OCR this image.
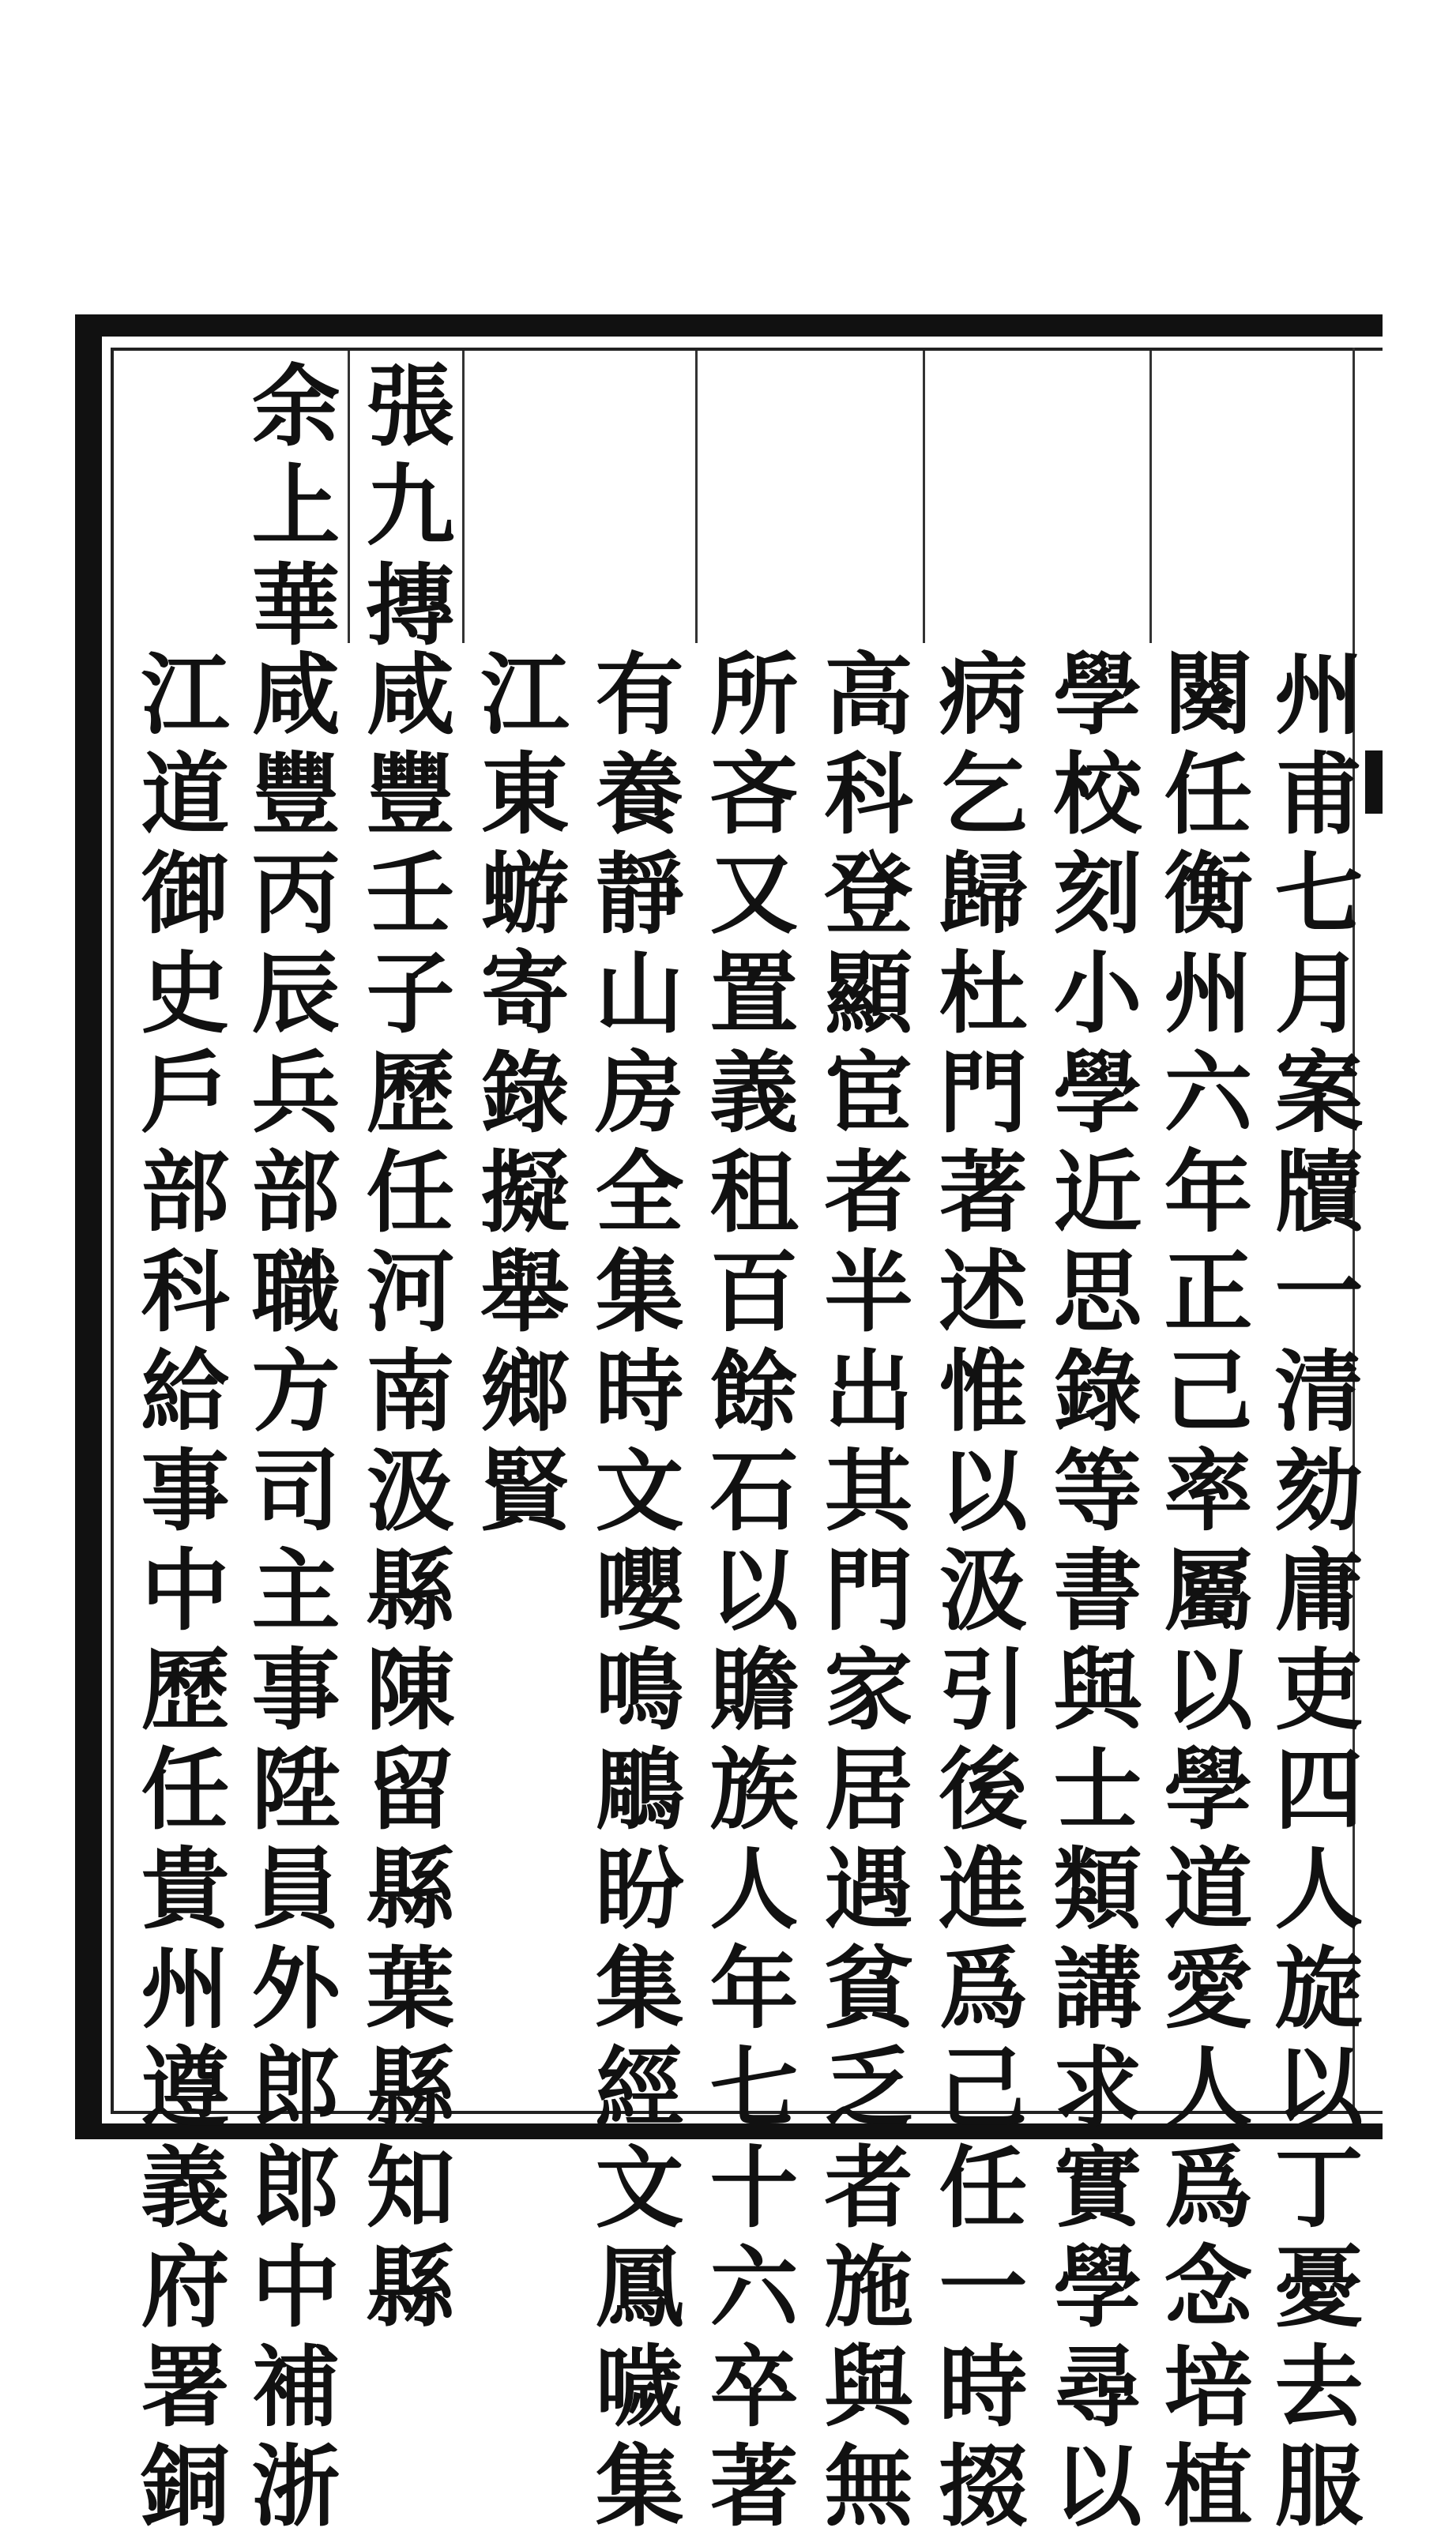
州甫七月案牘一清劾庸吏四人旋以丁憂去服
闋任衡州六年正己率屬以學道愛人爲念培植
學校刻小學近思錄等書與士類講求實學尋以
病乞歸杜門著述惟以汲引後進爲己任一時掇
高科登顯宦者半出其門家居遇貧乏者施與無
所吝又置義租百餘石以贍族人年七十六卒著
有養靜山房全集時文嚶鳴鵰盼集經文鳳噦集
江東蝣寄錄擬舉鄉賢
咸豐壬子歷任河南汲縣陳留縣葉縣知縣
咸豐丙辰兵部職方司主事陞員外郎郎中補浙
江道御史戶部科給事中歷任貴州遵義府署銅
張九摶
余上華
